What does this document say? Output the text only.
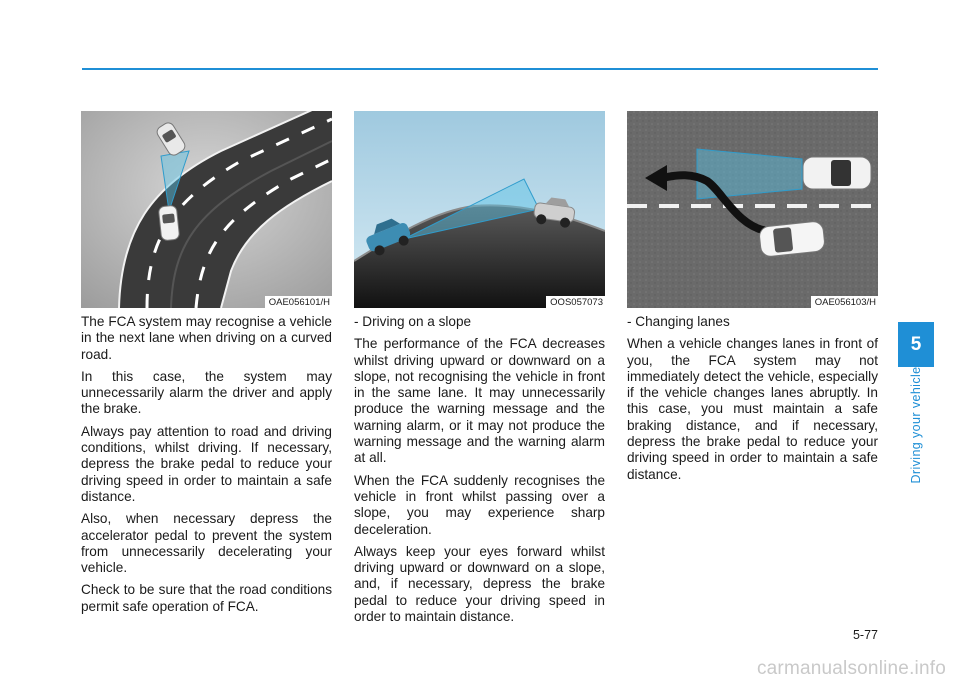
OAE056101/H

The FCA system may recognise a vehicle in the next lane when driving on a curved road.

In this case, the system may unnecessarily alarm the driver and apply the brake.

Always pay attention to road and driving conditions, whilst driving. If necessary, depress the brake pedal to reduce your driving speed in order to maintain a safe distance.

Also, when necessary depress the accelerator pedal to prevent the system from unnecessarily decelerating your vehicle.

Check to be sure that the road conditions permit safe operation of FCA.

OOS057073

- Driving on a slope

The performance of the FCA decreases whilst driving upward or downward on a slope, not recognising the vehicle in front in the same lane. It may unnecessarily produce the warning message and the warning alarm, or it may not produce the warning message and the warning alarm at all.

When the FCA suddenly recognises the vehicle in front whilst passing over a slope, you may experience sharp deceleration.

Always keep your eyes forward whilst driving upward or downward on a slope, and, if necessary, depress the brake pedal to reduce your driving speed in order to maintain distance.

OAE056103/H

- Changing lanes

When a vehicle changes lanes in front of you, the FCA system may not immediately detect the vehicle, especially if the vehicle changes lanes abruptly. In this case, you must maintain a safe braking distance, and if necessary, depress the brake pedal to reduce your driving speed in order to maintain a safe distance.

5
Driving your vehicle
5-77
carmanualsonline.info
